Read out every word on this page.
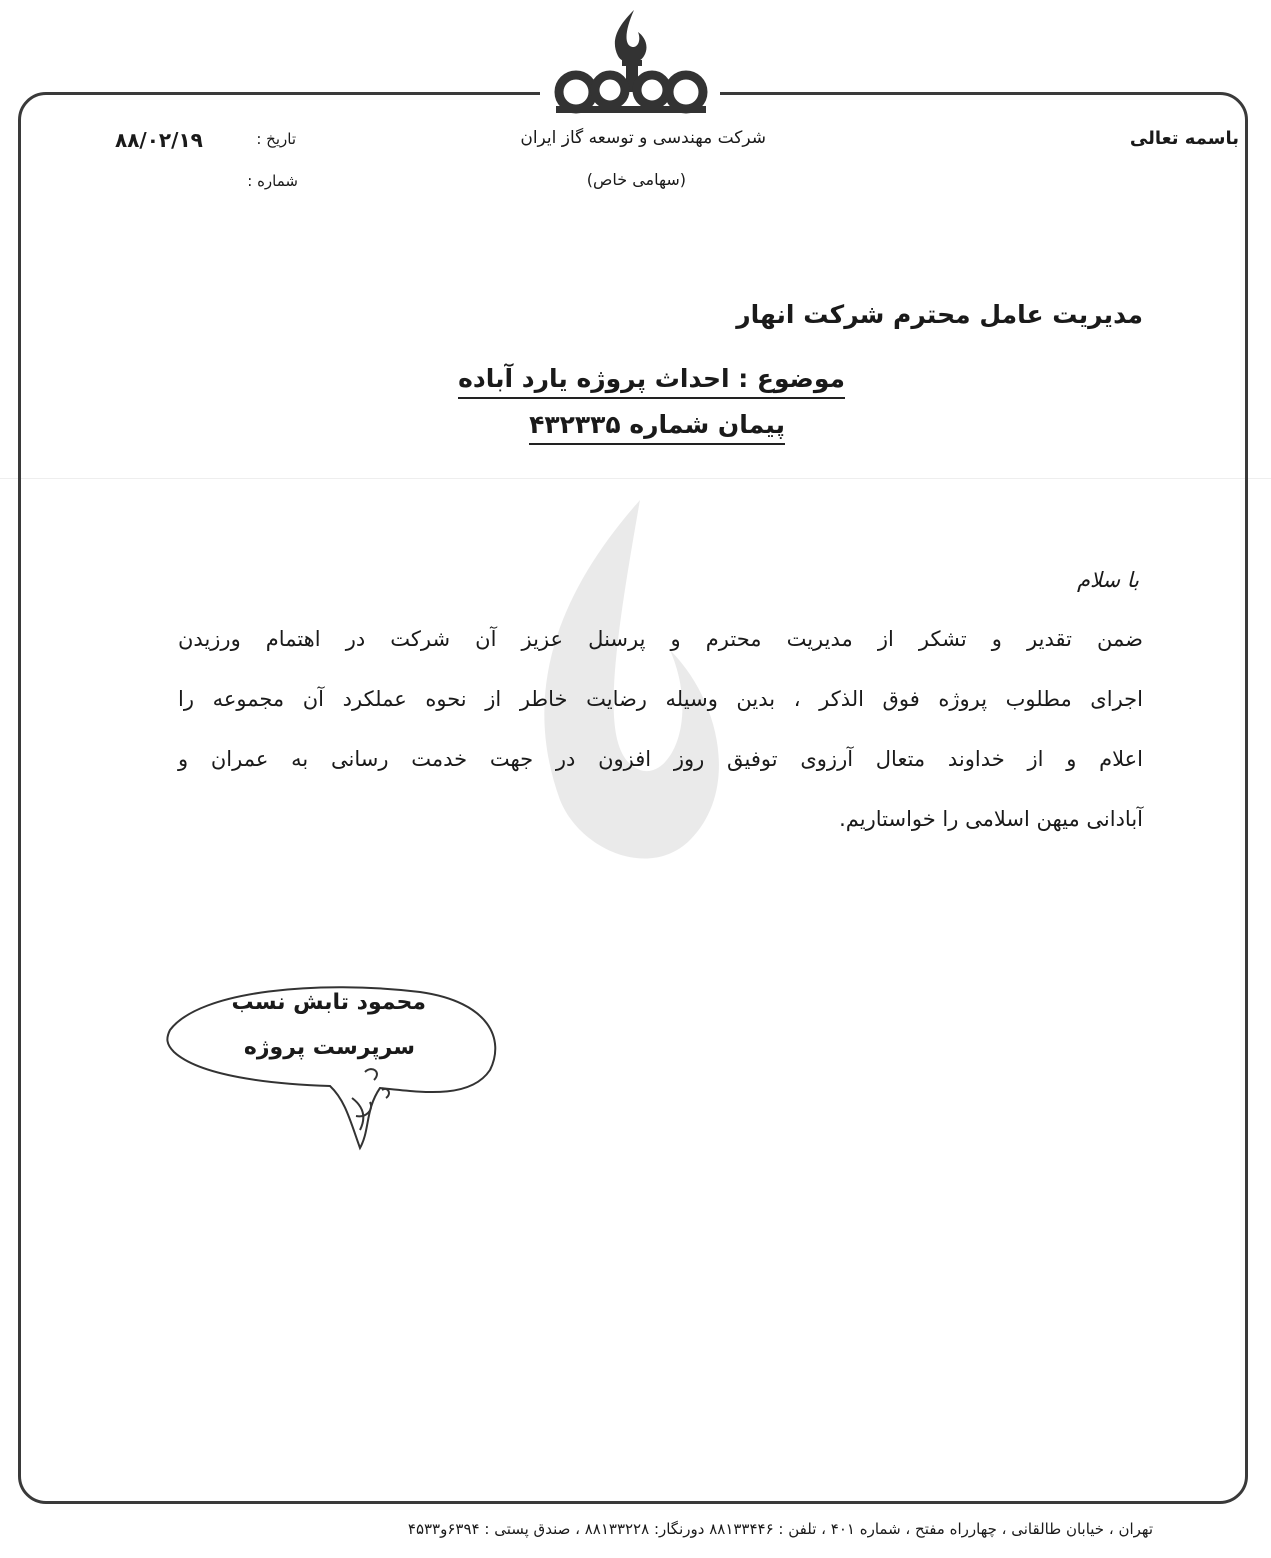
باسمه تعالی
شرکت مهندسی و توسعه گاز ایران
(سهامی خاص)
تاریخ :
شماره :
۸۸/۰۲/۱۹
مدیریت عامل محترم شرکت انهار
موضوع : احداث پروژه یارد آباده
پیمان شماره ۴۳۲۳۳۵
با سلام
ضمن تقدیر و تشکر از مدیریت محترم و پرسنل عزیز آن شرکت در اهتمام ورزیدن
اجرای مطلوب پروژه فوق الذکر ، بدین وسیله رضایت خاطر از نحوه عملکرد آن مجموعه را
اعلام و از خداوند متعال آرزوی توفیق روز افزون در جهت خدمت رسانی به عمران و
آبادانی میهن اسلامی را خواستاریم.
محمود تابش نسب
سرپرست پروژه
تهران ، خیابان طالقانی ، چهارراه مفتح ، شماره ۴۰۱ ، تلفن : ۸۸۱۳۳۴۴۶ دورنگار: ۸۸۱۳۳۲۲۸ ، صندق پستی : ۶۳۹۴و۴۵۳۳
